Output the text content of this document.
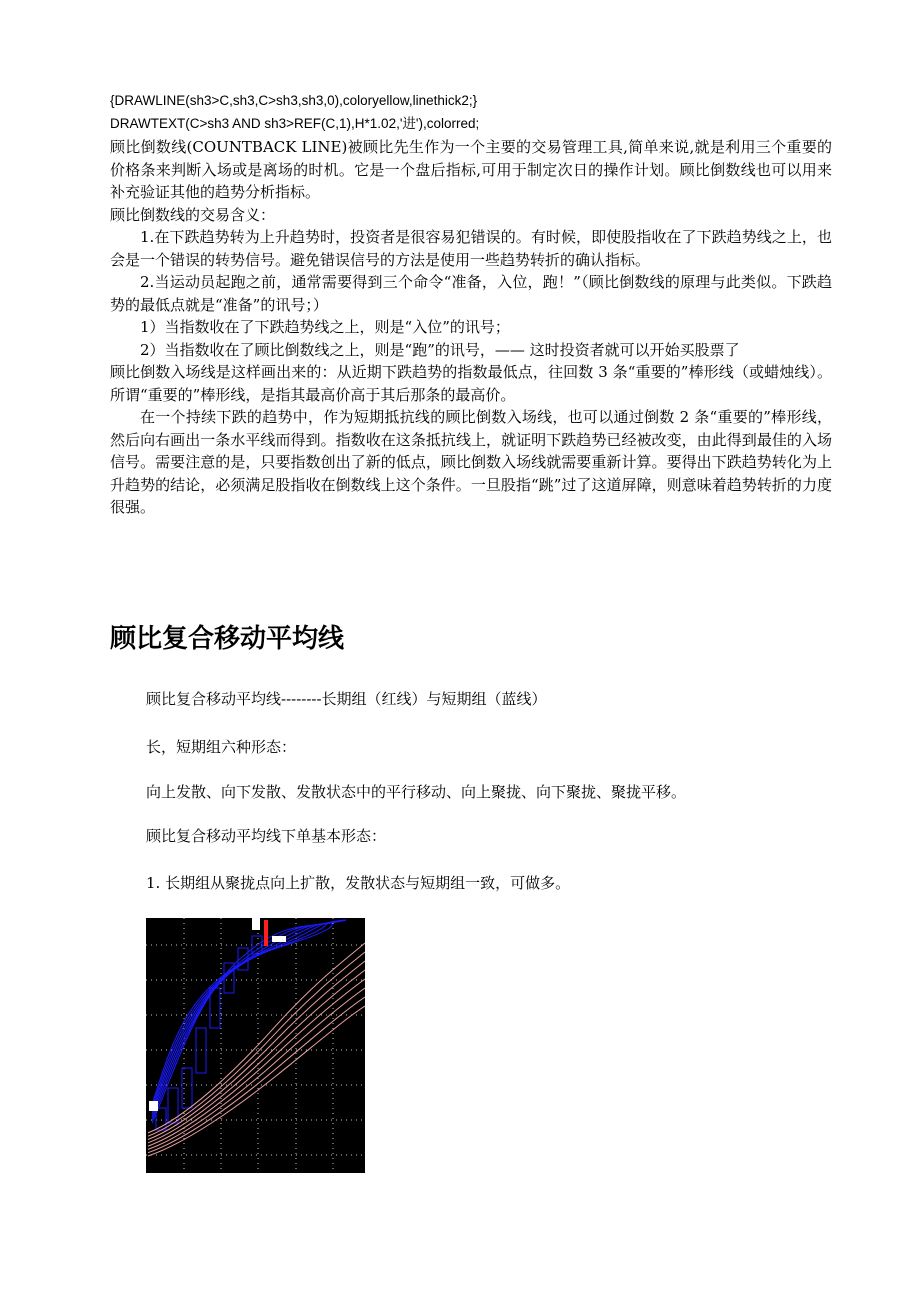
{DRAWLINE(sh3>C,sh3,C>sh3,sh3,0),coloryellow,linethick2;}
DRAWTEXT(C>sh3 AND sh3>REF(C,1),H*1.02,'进'),colorred;

顾比倒数线(COUNTBACK LINE)被顾比先生作为一个主要的交易管理工具,简单来说,就是利用三个重要的价格条来判断入场或是离场的时机。它是一个盘后指标,可用于制定次日的操作计划。顾比倒数线也可以用来补充验证其他的趋势分析指标。

顾比倒数线的交易含义：

1.在下跌趋势转为上升趋势时，投资者是很容易犯错误的。有时候，即使股指收在了下跌趋势线之上，也会是一个错误的转势信号。避免错误信号的方法是使用一些趋势转折的确认指标。

2.当运动员起跑之前，通常需要得到三个命令“准备，入位，跑！”（顾比倒数线的原理与此类似。下跌趋势的最低点就是“准备”的讯号；）

1）当指数收在了下跌趋势线之上，则是“入位”的讯号；

2）当指数收在了顾比倒数线之上，则是“跑”的讯号，—— 这时投资者就可以开始买股票了

顾比倒数入场线是这样画出来的：从近期下跌趋势的指数最低点，往回数 3 条“重要的”棒形线（或蜡烛线）。所谓“重要的”棒形线，是指其最高价高于其后那条的最高价。

在一个持续下跌的趋势中，作为短期抵抗线的顾比倒数入场线，也可以通过倒数 2 条“重要的”棒形线，然后向右画出一条水平线而得到。指数收在这条抵抗线上，就证明下跌趋势已经被改变，由此得到最佳的入场信号。需要注意的是，只要指数创出了新的低点，顾比倒数入场线就需要重新计算。要得出下跌趋势转化为上升趋势的结论，必须满足股指收在倒数线上这个条件。一旦股指“跳”过了这道屏障，则意味着趋势转折的力度很强。

顾比复合移动平均线
顾比复合移动平均线--------长期组（红线）与短期组（蓝线）
长，短期组六种形态：
向上发散、向下发散、发散状态中的平行移动、向上聚拢、向下聚拢、聚拢平移。
顾比复合移动平均线下单基本形态：
1. 长期组从聚拢点向上扩散，发散状态与短期组一致，可做多。
